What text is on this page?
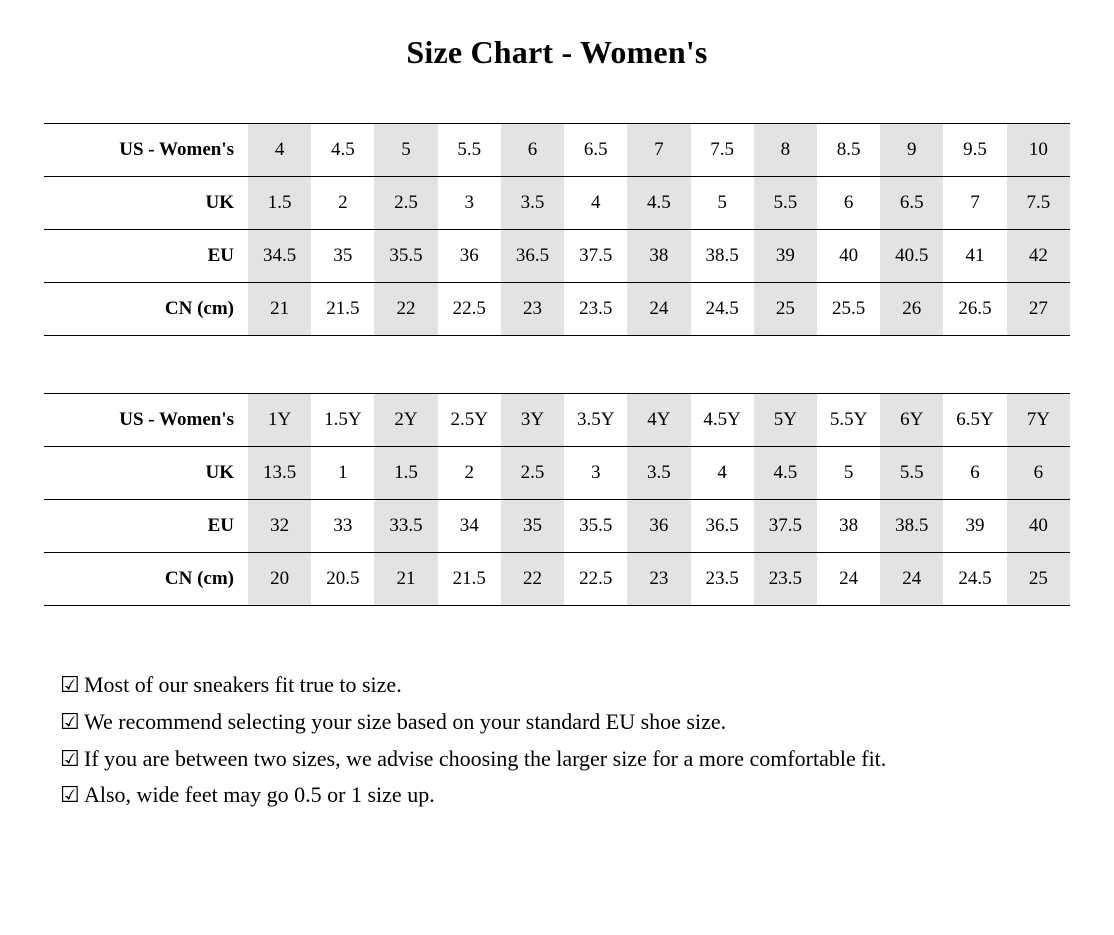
Size Chart - Women's
US - Women's	4	4.5	5	5.5	6	6.5	7	7.5	8	8.5	9	9.5	10
UK	1.5	2	2.5	3	3.5	4	4.5	5	5.5	6	6.5	7	7.5
EU	34.5	35	35.5	36	36.5	37.5	38	38.5	39	40	40.5	41	42
CN (cm)	21	21.5	22	22.5	23	23.5	24	24.5	25	25.5	26	26.5	27
US - Women's	1Y	1.5Y	2Y	2.5Y	3Y	3.5Y	4Y	4.5Y	5Y	5.5Y	6Y	6.5Y	7Y
UK	13.5	1	1.5	2	2.5	3	3.5	4	4.5	5	5.5	6	6
EU	32	33	33.5	34	35	35.5	36	36.5	37.5	38	38.5	39	40
CN (cm)	20	20.5	21	21.5	22	22.5	23	23.5	23.5	24	24	24.5	25
☑ Most of our sneakers fit true to size.
☑ We recommend selecting your size based on your standard EU shoe size.
☑ If you are between two sizes, we advise choosing the larger size for a more comfortable fit.
☑ Also, wide feet may go 0.5 or 1 size up.
